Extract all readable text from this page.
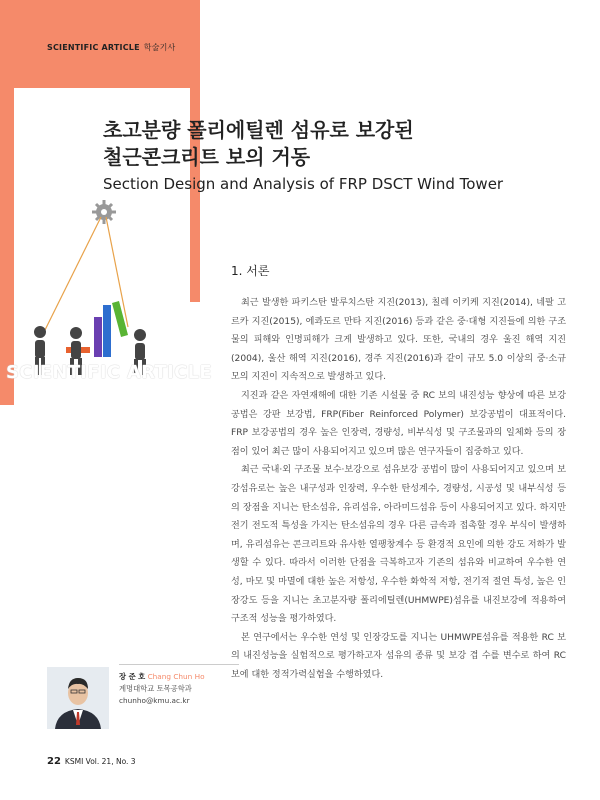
SCIENTIFIC ARTICLE 학술기사
초고분량 폴리에틸렌 섬유로 보강된
철근콘크리트 보의 거동
Section Design and Analysis of FRP DSCT Wind Tower
SCIENTIFIC ARTICLE
1. 서론

최근 발생한 파키스탄 발루치스탄 지진(2013), 칠레 이키케 지진(2014), 네팔 고르카 지진(2015), 에콰도르 만타 지진(2016) 등과 같은 중·대형 지진들에 의한 구조물의 피해와 인명피해가 크게 발생하고 있다. 또한, 국내의 경우 울진 해역 지진(2004), 울산 해역 지진(2016), 경주 지진(2016)과 같이 규모 5.0 이상의 중·소규모의 지진이 지속적으로 발생하고 있다.

지진과 같은 자연재해에 대한 기존 시설물 중 RC 보의 내진성능 향상에 따른 보강공법은 강판 보강법, FRP(Fiber Reinforced Polymer) 보강공법이 대표적이다. FRP 보강공법의 경우 높은 인장력, 경량성, 비부식성 및 구조물과의 일체화 등의 장점이 있어 최근 많이 사용되어지고 있으며 많은 연구자들이 집중하고 있다.

최근 국내·외 구조물 보수·보강으로 섬유보강 공법이 많이 사용되어지고 있으며 보강섬유로는 높은 내구성과 인장력, 우수한 탄성계수, 경량성, 시공성 및 내부식성 등의 장점을 지니는 탄소섬유, 유리섬유, 아라미드섬유 등이 사용되어지고 있다. 하지만 전기 전도적 특성을 가지는 탄소섬유의 경우 다른 금속과 접촉할 경우 부식이 발생하며, 유리섬유는 콘크리트와 유사한 열팽창계수 등 환경적 요인에 의한 강도 저하가 발생할 수 있다. 따라서 이러한 단점을 극복하고자 기존의 섬유와 비교하여 우수한 연성, 마모 및 마멸에 대한 높은 저항성, 우수한 화학적 저항, 전기적 절연 특성, 높은 인장강도 등을 지니는 초고분자량 폴리에틸렌(UHMWPE)섬유를 내진보강에 적용하여 구조적 성능을 평가하였다.

본 연구에서는 우수한 연성 및 인장강도를 지니는 UHMWPE섬유를 적용한 RC 보의 내진성능을 실험적으로 평가하고자 섬유의 종류 및 보강 겹 수를 변수로 하여 RC 보에 대한 정적가력실험을 수행하였다.

장 준 호 Chang Chun Ho
계명대학교 토목공학과
chunho@kmu.ac.kr
22 KSMI Vol. 21, No. 3
